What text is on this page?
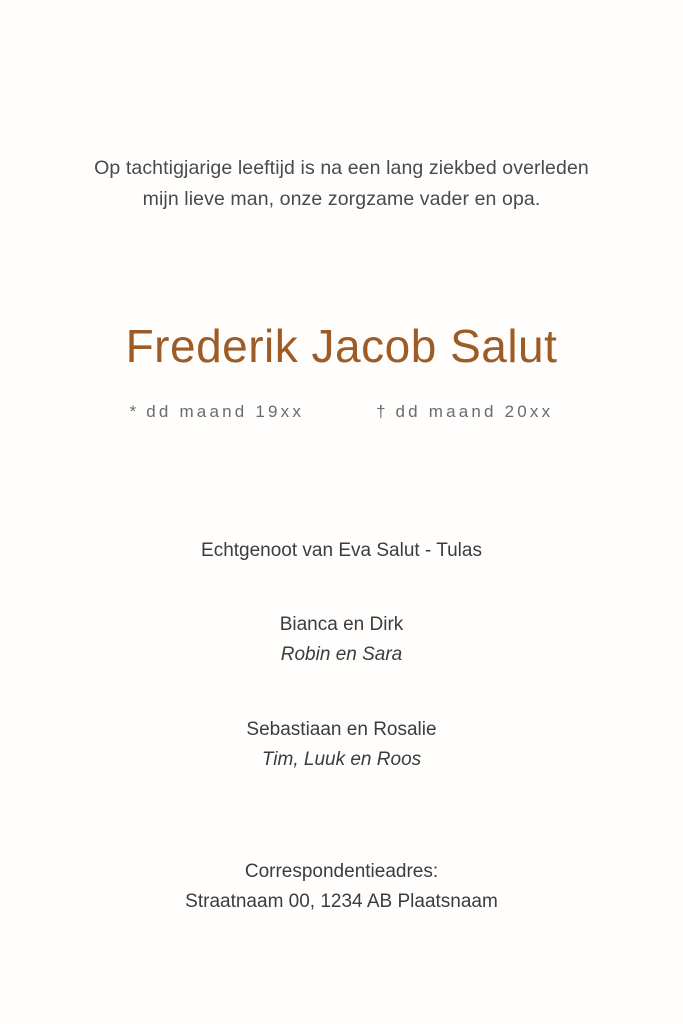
Op tachtigjarige leeftijd is na een lang ziekbed overleden
mijn lieve man, onze zorgzame vader en opa.
Frederik Jacob Salut
* dd maand 19xx	† dd maand 20xx
Echtgenoot van Eva Salut - Tulas
Bianca en Dirk
Robin en Sara
Sebastiaan en Rosalie
Tim, Luuk en Roos
Correspondentieadres:
Straatnaam 00, 1234 AB Plaatsnaam
